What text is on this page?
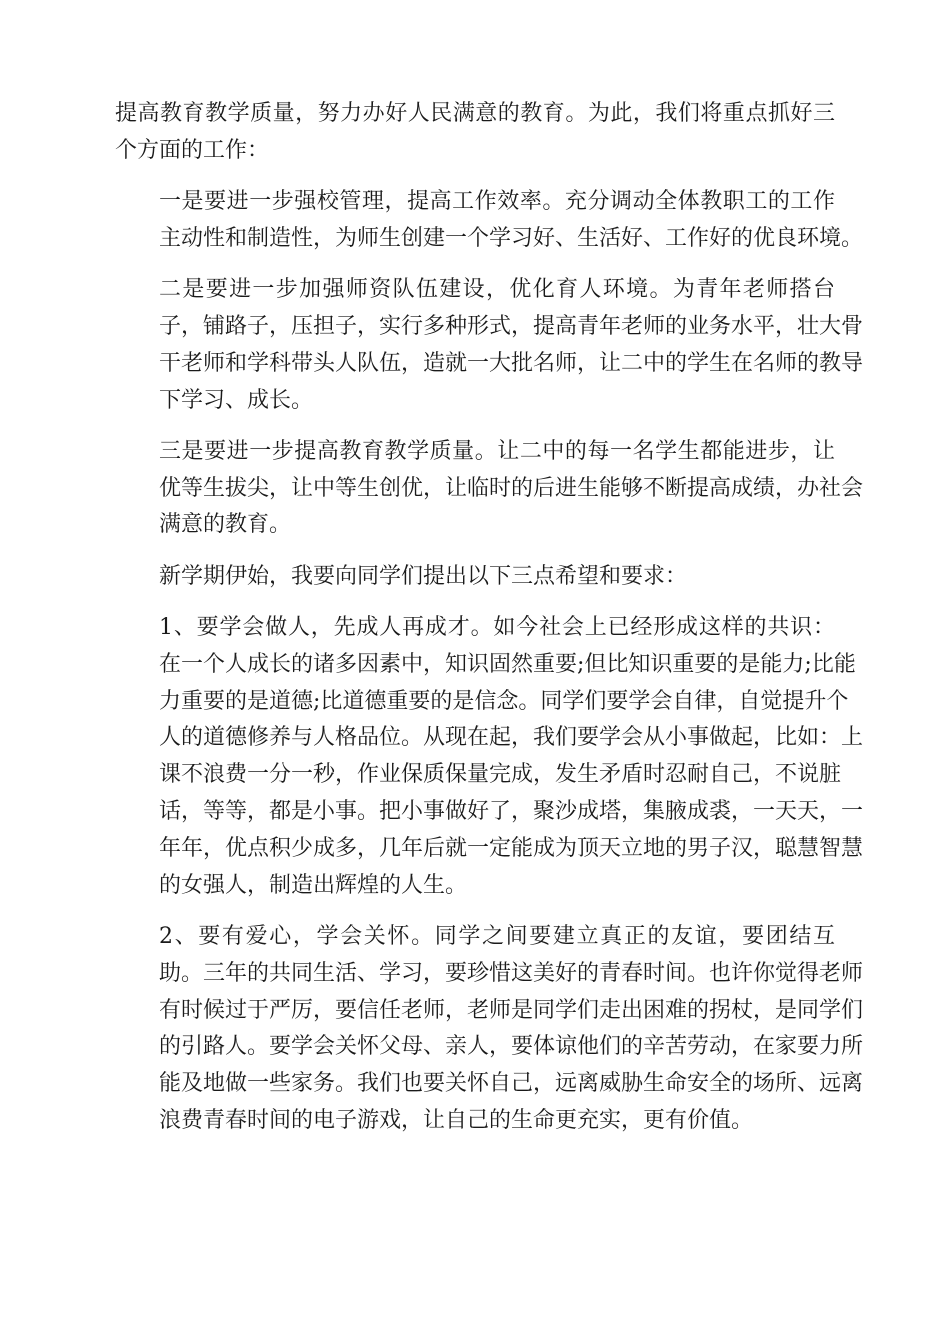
提高教育教学质量，努力办好人民满意的教育。为此，我们将重点抓好三
个方面的工作：

一是要进一步强校管理，提高工作效率。充分调动全体教职工的工作
主动性和制造性，为师生创建一个学习好、生活好、工作好的优良环境。

二是要进一步加强师资队伍建设，优化育人环境。为青年老师搭台
子，铺路子，压担子，实行多种形式，提高青年老师的业务水平，壮大骨
干老师和学科带头人队伍，造就一大批名师，让二中的学生在名师的教导
下学习、成长。

三是要进一步提高教育教学质量。让二中的每一名学生都能进步，让
优等生拔尖，让中等生创优，让临时的后进生能够不断提高成绩，办社会
满意的教育。

新学期伊始，我要向同学们提出以下三点希望和要求：

1、要学会做人，先成人再成才。如今社会上已经形成这样的共识：
在一个人成长的诸多因素中，知识固然重要;但比知识重要的是能力;比能
力重要的是道德;比道德重要的是信念。同学们要学会自律，自觉提升个
人的道德修养与人格品位。从现在起，我们要学会从小事做起，比如：上
课不浪费一分一秒，作业保质保量完成，发生矛盾时忍耐自己，不说脏
话，等等，都是小事。把小事做好了，聚沙成塔，集腋成裘，一天天，一
年年，优点积少成多，几年后就一定能成为顶天立地的男子汉，聪慧智慧
的女强人，制造出辉煌的人生。

2、要有爱心，学会关怀。同学之间要建立真正的友谊，要团结互
助。三年的共同生活、学习，要珍惜这美好的青春时间。也许你觉得老师
有时候过于严厉，要信任老师，老师是同学们走出困难的拐杖，是同学们
的引路人。要学会关怀父母、亲人，要体谅他们的辛苦劳动，在家要力所
能及地做一些家务。我们也要关怀自己，远离威胁生命安全的场所、远离
浪费青春时间的电子游戏，让自己的生命更充实，更有价值。
